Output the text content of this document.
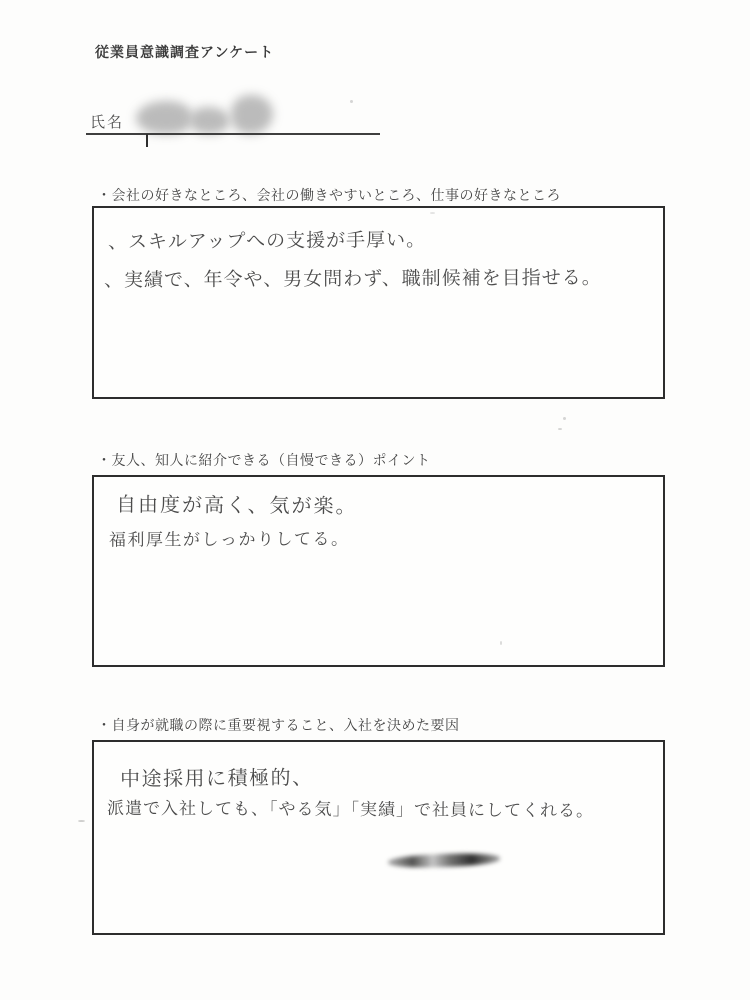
従業員意識調査アンケート
氏名
・会社の好きなところ、会社の働きやすいところ、仕事の好きなところ
、スキルアップへの支援が手厚い。
、実績で、年令や、男女問わず、職制候補を目指せる。
・友人、知人に紹介できる（自慢できる）ポイント
自由度が高く、気が楽。
福利厚生がしっかりしてる。
・自身が就職の際に重要視すること、入社を決めた要因
中途採用に積極的、
派遣で入社しても、「やる気」「実績」で社員にしてくれる。
